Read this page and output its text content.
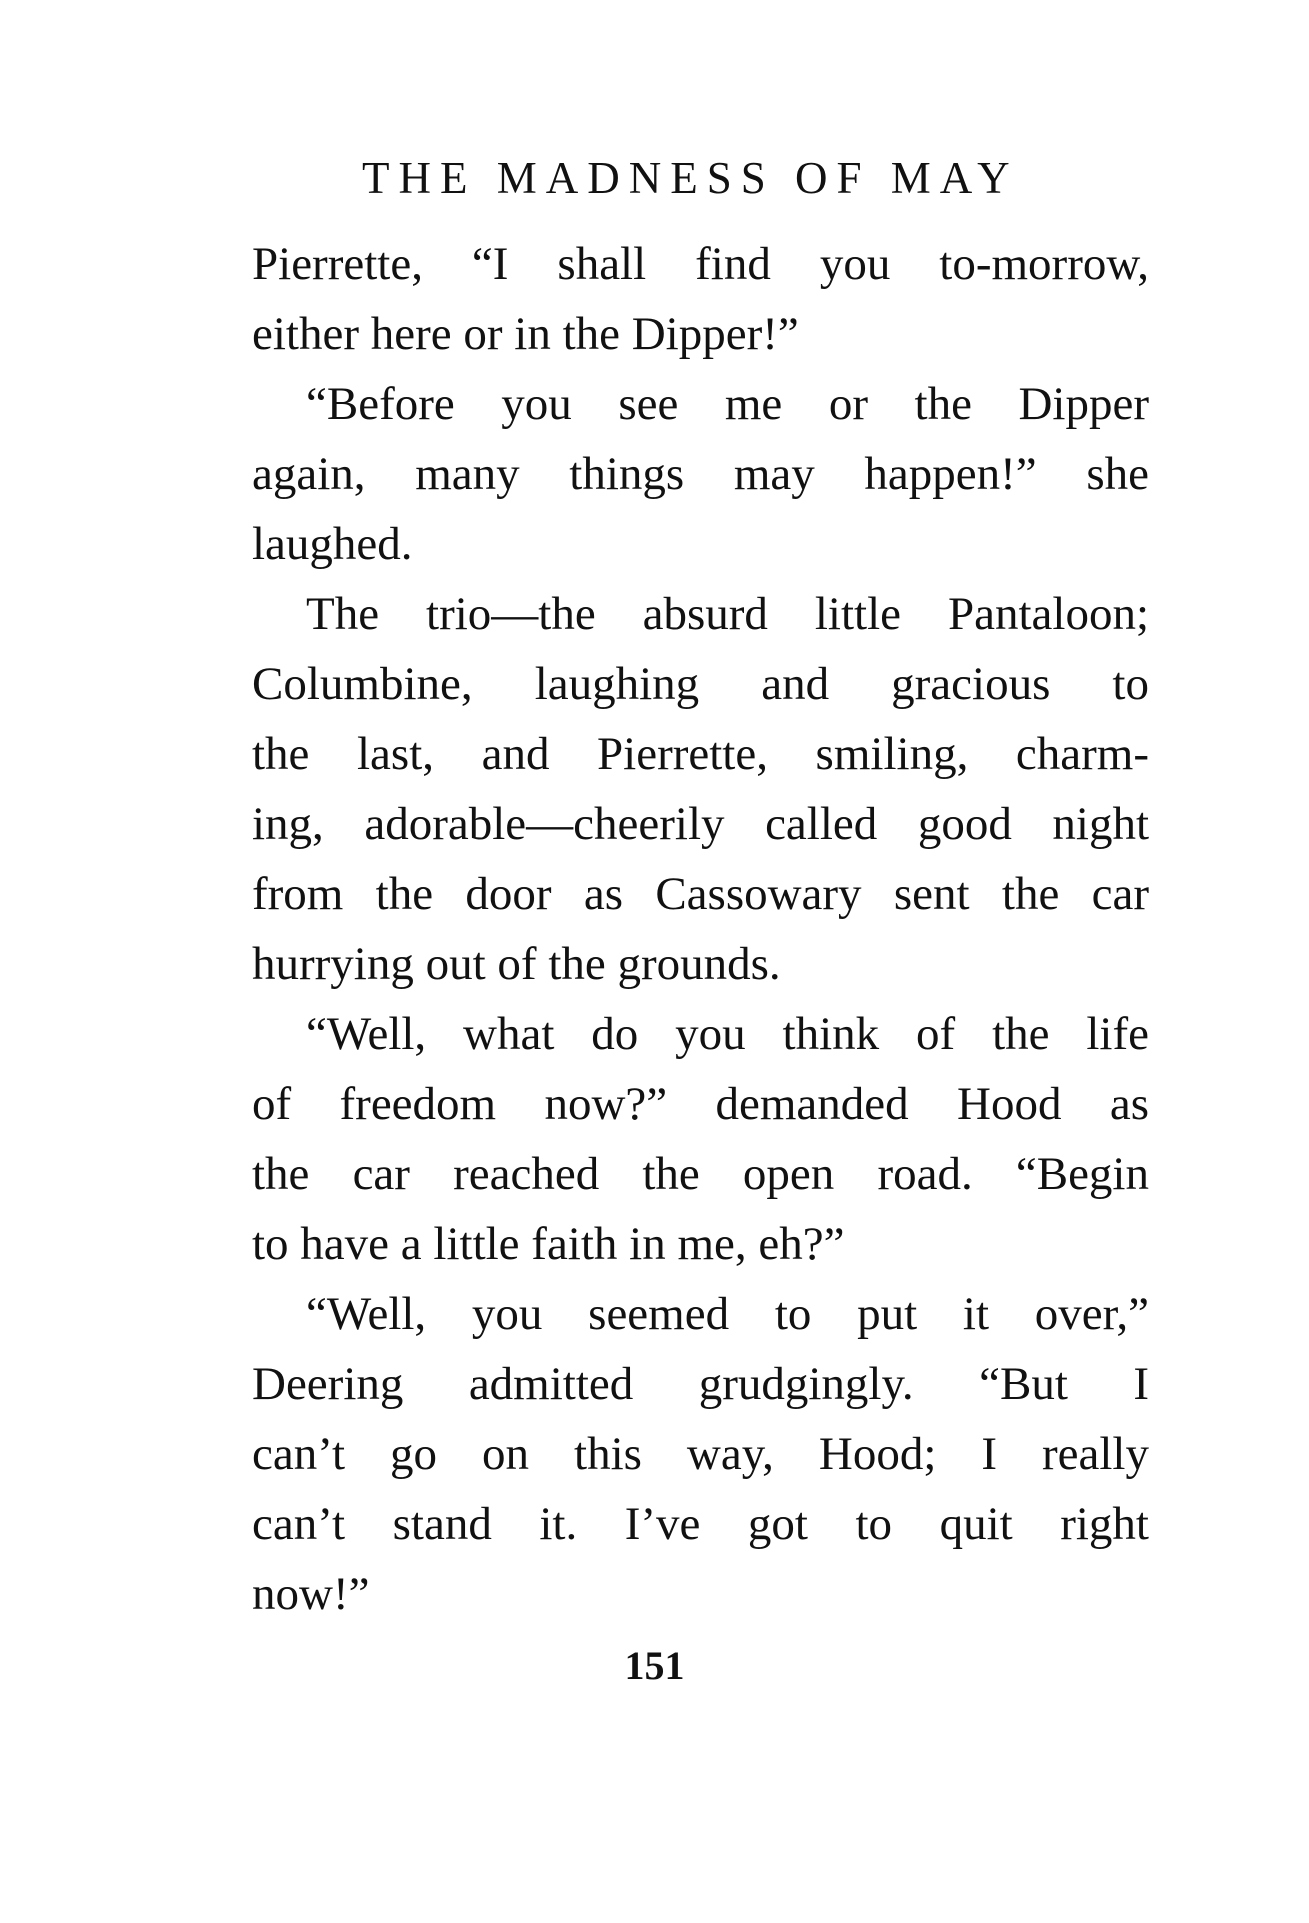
THE MADNESS OF MAY
Pierrette, “I shall find you to-morrow,
either here or in the Dipper!”
“Before you see me or the Dipper
again, many things may happen!” she
laughed.
The trio—the absurd little Pantaloon;
Columbine, laughing and gracious to
the last, and Pierrette, smiling, charm-
ing, adorable—cheerily called good night
from the door as Cassowary sent the car
hurrying out of the grounds.
“Well, what do you think of the life
of freedom now?” demanded Hood as
the car reached the open road. “Begin
to have a little faith in me, eh?”
“Well, you seemed to put it over,”
Deering admitted grudgingly. “But I
can’t go on this way, Hood; I really
can’t stand it. I’ve got to quit right
now!”
151
